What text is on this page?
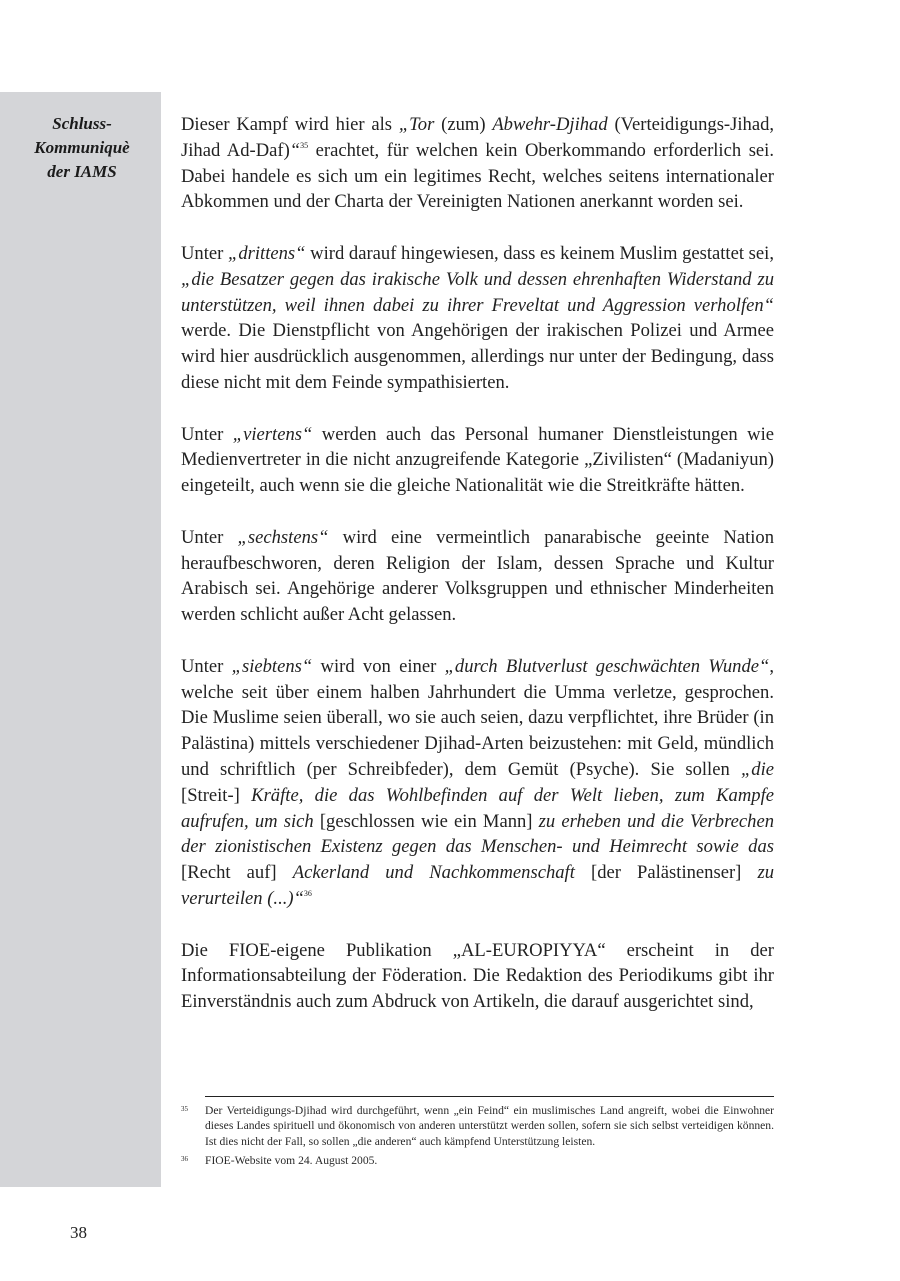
Schluss-
Kommuniquè
der IAMS

Dieser Kampf wird hier als „Tor (zum) Abwehr-Djihad (Verteidigungs-Jihad, Jihad Ad-Daf)“$^{35}$ erachtet, für welchen kein Oberkommando erforderlich sei. Dabei handele es sich um ein legitimes Recht, welches seitens internationaler Abkommen und der Charta der Vereinigten Nationen anerkannt worden sei.

Unter „drittens“ wird darauf hingewiesen, dass es keinem Muslim gestattet sei, „die Besatzer gegen das irakische Volk und dessen ehrenhaften Widerstand zu unterstützen, weil ihnen dabei zu ihrer Freveltat und Aggression verholfen“ werde. Die Dienstpflicht von Angehörigen der irakischen Polizei und Armee wird hier ausdrücklich ausgenommen, allerdings nur unter der Bedingung, dass diese nicht mit dem Feinde sympathisierten.

Unter „viertens“ werden auch das Personal humaner Dienstleistungen wie Medienvertreter in die nicht anzugreifende Kategorie „Zivilisten“ (Madaniyun) eingeteilt, auch wenn sie die gleiche Nationalität wie die Streitkräfte hätten.

Unter „sechstens“ wird eine vermeintlich panarabische geeinte Nation heraufbeschworen, deren Religion der Islam, dessen Sprache und Kultur Arabisch sei. Angehörige anderer Volksgruppen und ethnischer Minderheiten werden schlicht außer Acht gelassen.

Unter „siebtens“ wird von einer „durch Blutverlust geschwächten Wunde“, welche seit über einem halben Jahrhundert die Umma verletze, gesprochen. Die Muslime seien überall, wo sie auch seien, dazu verpflichtet, ihre Brüder (in Palästina) mittels verschiedener Djihad-Arten beizustehen: mit Geld, mündlich und schriftlich (per Schreibfeder), dem Gemüt (Psyche). Sie sollen „die [Streit-] Kräfte, die das Wohlbefinden auf der Welt lieben, zum Kampfe aufrufen, um sich [geschlossen wie ein Mann] zu erheben und die Verbrechen der zionistischen Existenz gegen das Menschen- und Heimrecht sowie das [Recht auf] Ackerland und Nachkommenschaft [der Palästinenser] zu verurteilen (...)“$^{36}$

Die FIOE-eigene Publikation „AL-EUROPIYYA“ erscheint in der Informationsabteilung der Föderation. Die Redaktion des Periodikums gibt ihr Einverständnis auch zum Abdruck von Artikeln, die darauf ausgerichtet sind,

35 Der Verteidigungs-Djihad wird durchgeführt, wenn „ein Feind“ ein muslimisches Land angreift, wobei die Einwohner dieses Landes spirituell und ökonomisch von anderen unterstützt werden sollen, sofern sie sich selbst verteidigen können. Ist dies nicht der Fall, so sollen „die anderen“ auch kämpfend Unterstützung leisten.
36 FIOE-Website vom 24. August 2005.
38
